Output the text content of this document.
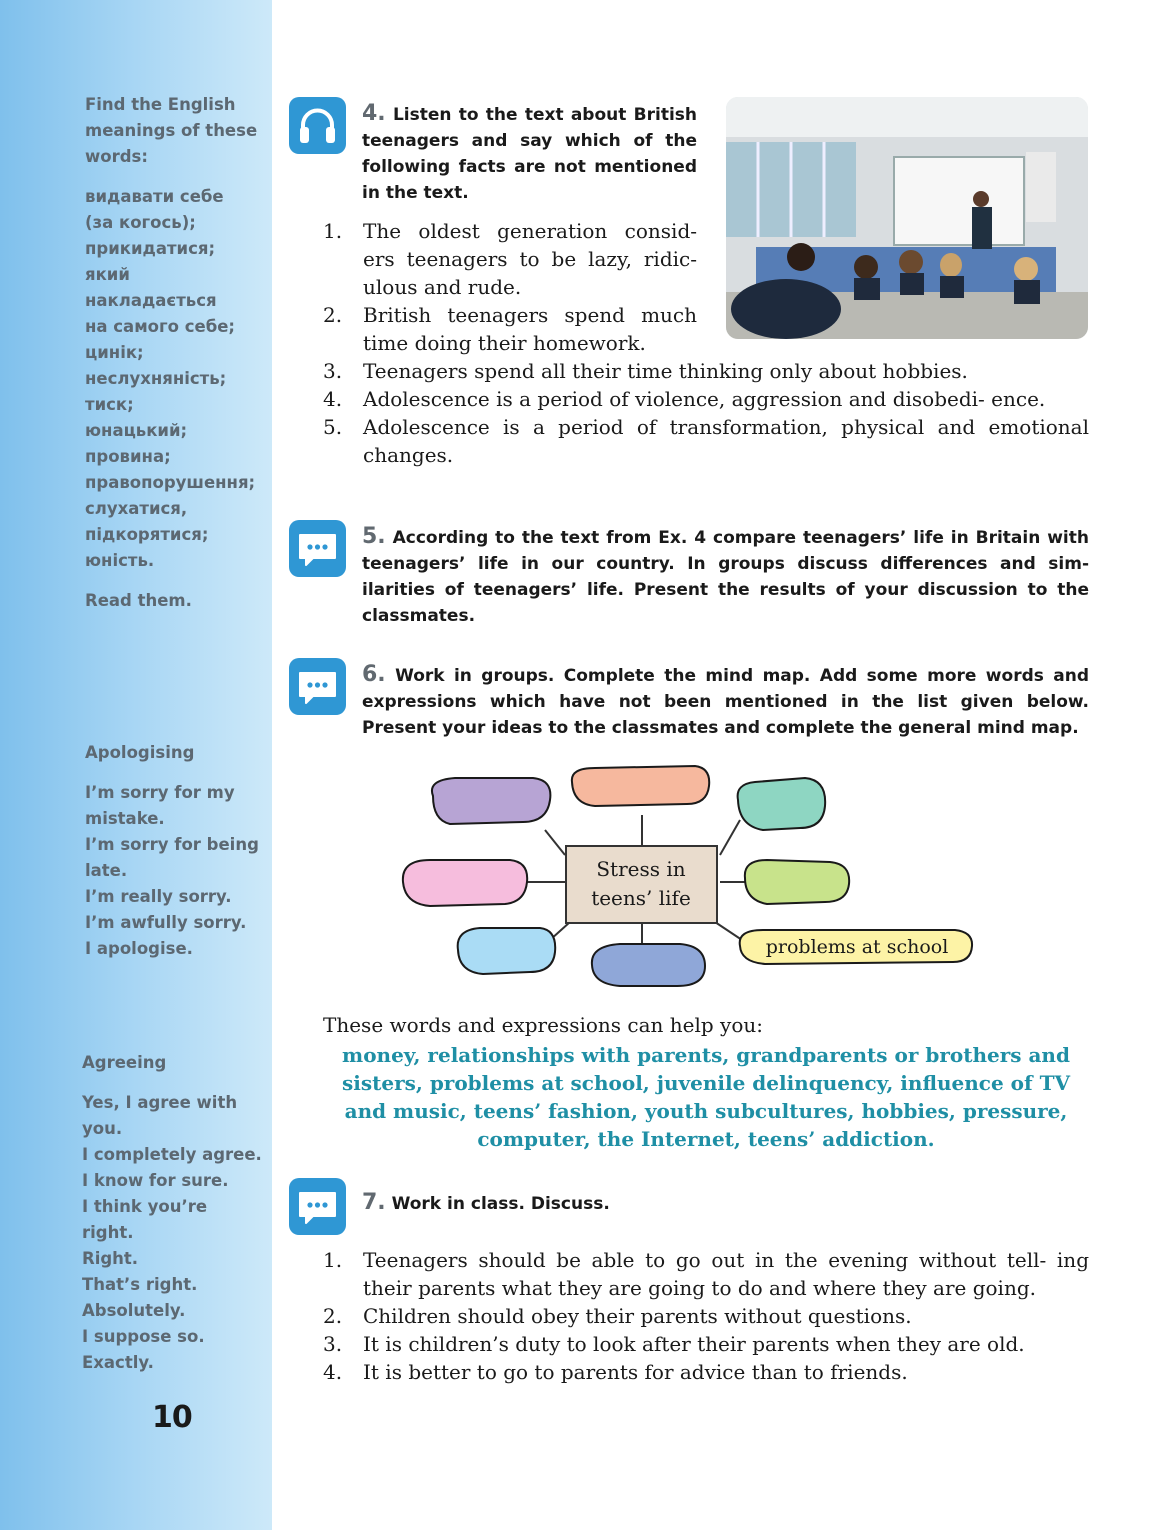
Find the English meanings of these words:

видавати себе

(за когось);

прикидатися;

який накладається

на самого себе;

цинік;

неслухняність;

тиск;

юнацький;

провина;

правопорушення;

слухатися,

підкорятися;

юність.

Read them.

Apologising

I’m sorry for my

mistake.

I’m sorry for being

late.

I’m really sorry.

I’m awfully sorry.

I apologise.

Agreeing

Yes, I agree with

you.

I completely agree.

I know for sure.

I think you’re right.

Right.

That’s right.

Absolutely.

I suppose so.

Exactly.

10
4. Listen to the text about British teenagers and say which of the following facts are not mentioned in the text.
1.	The oldest generation consid- ers teenagers to be lazy, ridic- ulous and rude.
2.	British teenagers spend much time doing their homework.
3.	Teenagers spend all their time thinking only about hobbies.
4.	Adolescence is a period of violence, aggression and disobedi- ence.
5.	Adolescence is a period of transformation, physical and emotional changes.
5. According to the text from Ex. 4 compare teenagers’ life in Britain with teenagers’ life in our country. In groups discuss differences and sim- ilarities of teenagers’ life. Present the results of your discussion to the classmates.
6. Work in groups. Complete the mind map. Add some more words and expressions which have not been mentioned in the list given below. Present your ideas to the classmates and complete the general mind map.
Stress in
teens’ life
problems at school
These words and expressions can help you:
money, relationships with parents, grandparents or brothers and sisters, problems at school, juvenile delinquency, influence of TV and music, teens’ fashion, youth subcultures, hobbies, pressure, computer, the Internet, teens’ addiction.
7. Work in class. Discuss.
1.	Teenagers should be able to go out in the evening without tell- ing their parents what they are going to do and where they are going.
2.	Children should obey their parents without questions.
3.	It is children’s duty to look after their parents when they are old.
4.	It is better to go to parents for advice than to friends.
